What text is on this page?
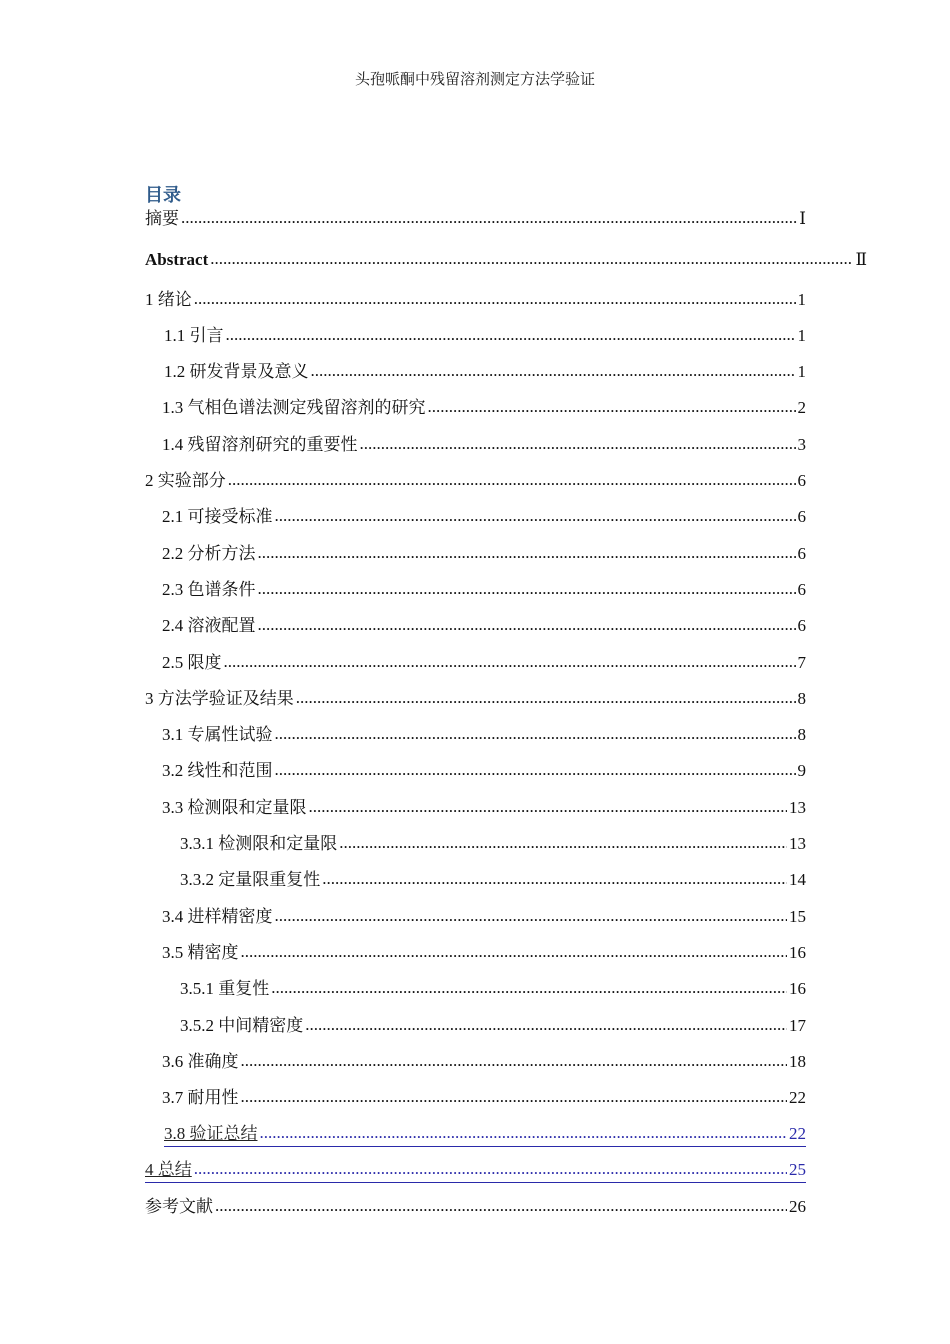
头孢哌酮中残留溶剂测定方法学验证
目录
摘要 .....	Ⅰ
Abstract .....	Ⅱ
1 绪论 .....	1
1.1 引言 .....	1
1.2 研发背景及意义 .....	1
1.3 气相色谱法测定残留溶剂的研究 .....	2
1.4 残留溶剂研究的重要性 .....	3
2 实验部分 .....	6
2.1 可接受标准 .....	6
2.2 分析方法 .....	6
2.3 色谱条件 .....	6
2.4 溶液配置 .....	6
2.5 限度 .....	7
3 方法学验证及结果 .....	8
3.1 专属性试验 .....	8
3.2 线性和范围 .....	9
3.3 检测限和定量限 .....	13
3.3.1 检测限和定量限 .....	13
3.3.2 定量限重复性 .....	14
3.4 进样精密度 .....	15
3.5 精密度 .....	16
3.5.1 重复性 .....	16
3.5.2 中间精密度 .....	17
3.6 准确度 .....	18
3.7 耐用性 .....	22
3.8 验证总结 .....	22
4 总结 .....	25
参考文献 .....	26
